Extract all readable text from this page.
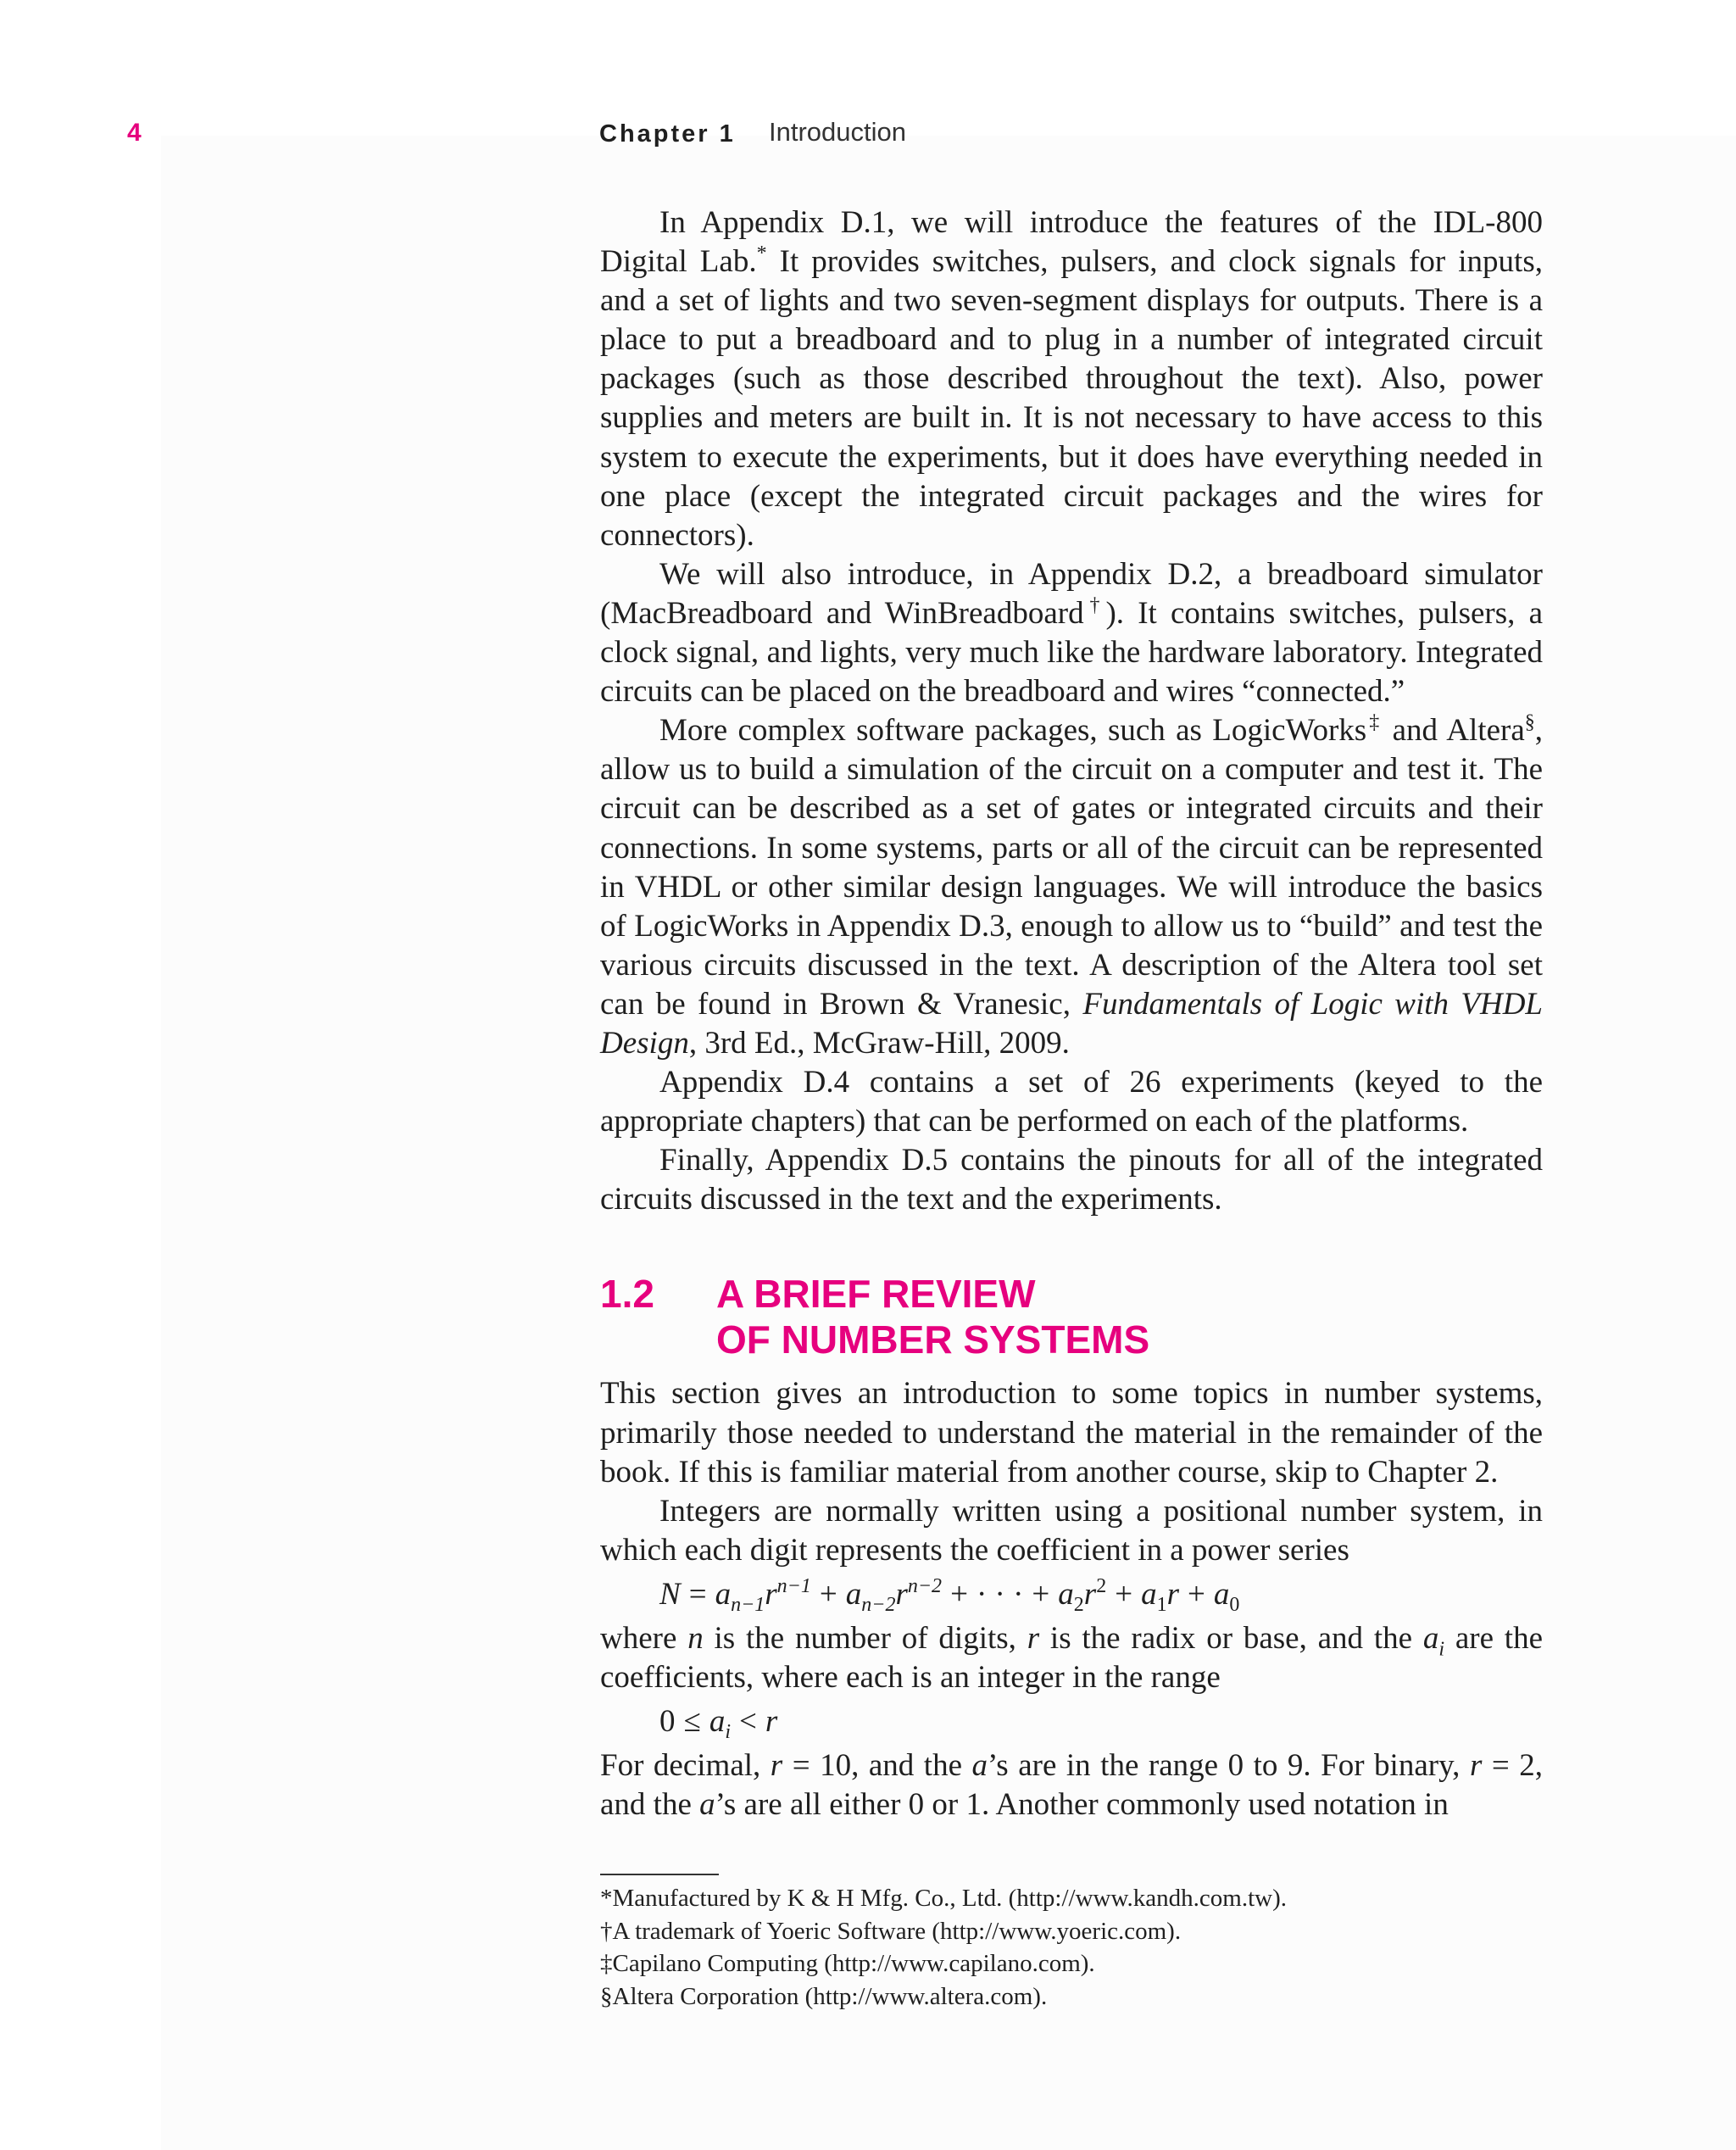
4	Chapter 1 Introduction

In Appendix D.1, we will introduce the features of the IDL-800 Digital Lab.* It provides switches, pulsers, and clock signals for inputs, and a set of lights and two seven-segment displays for outputs. There is a place to put a breadboard and to plug in a number of integrated circuit packages (such as those described throughout the text). Also, power supplies and meters are built in. It is not necessary to have access to this system to execute the experiments, but it does have everything needed in one place (except the integrated circuit packages and the wires for connectors).

We will also introduce, in Appendix D.2, a breadboard simulator (MacBreadboard and WinBreadboard†). It contains switches, pulsers, a clock signal, and lights, very much like the hardware laboratory. Integrated circuits can be placed on the breadboard and wires “connected.”

More complex software packages, such as LogicWorks‡ and Altera§, allow us to build a simulation of the circuit on a computer and test it. The circuit can be described as a set of gates or integrated circuits and their connections. In some systems, parts or all of the circuit can be represented in VHDL or other similar design languages. We will introduce the basics of LogicWorks in Appendix D.3, enough to allow us to “build” and test the various circuits discussed in the text. A description of the Altera tool set can be found in Brown & Vranesic, Fundamentals of Logic with VHDL Design, 3rd Ed., McGraw-Hill, 2009.

Appendix D.4 contains a set of 26 experiments (keyed to the appropriate chapters) that can be performed on each of the platforms.

Finally, Appendix D.5 contains the pinouts for all of the integrated circuits discussed in the text and the experiments.

1.2	A BRIEF REVIEW
OF NUMBER SYSTEMS

This section gives an introduction to some topics in number systems, primarily those needed to understand the material in the remainder of the book. If this is familiar material from another course, skip to Chapter 2.

Integers are normally written using a positional number system, in which each digit represents the coefficient in a power series

$N = a_{n-1}r^{n-1} + a_{n-2}r^{n-2}$ + · · · + $a_2r^2 + a_1r + a_0$

where n is the number of digits, r is the radix or base, and the $a_i$ are the coefficients, where each is an integer in the range

$0 \le a_i < r$

For decimal, r = 10, and the a’s are in the range 0 to 9. For binary, r = 2, and the a’s are all either 0 or 1. Another commonly used notation in

*Manufactured by K & H Mfg. Co., Ltd. (http://www.kandh.com.tw).

†A trademark of Yoeric Software (http://www.yoeric.com).

‡Capilano Computing (http://www.capilano.com).

§Altera Corporation (http://www.altera.com).
